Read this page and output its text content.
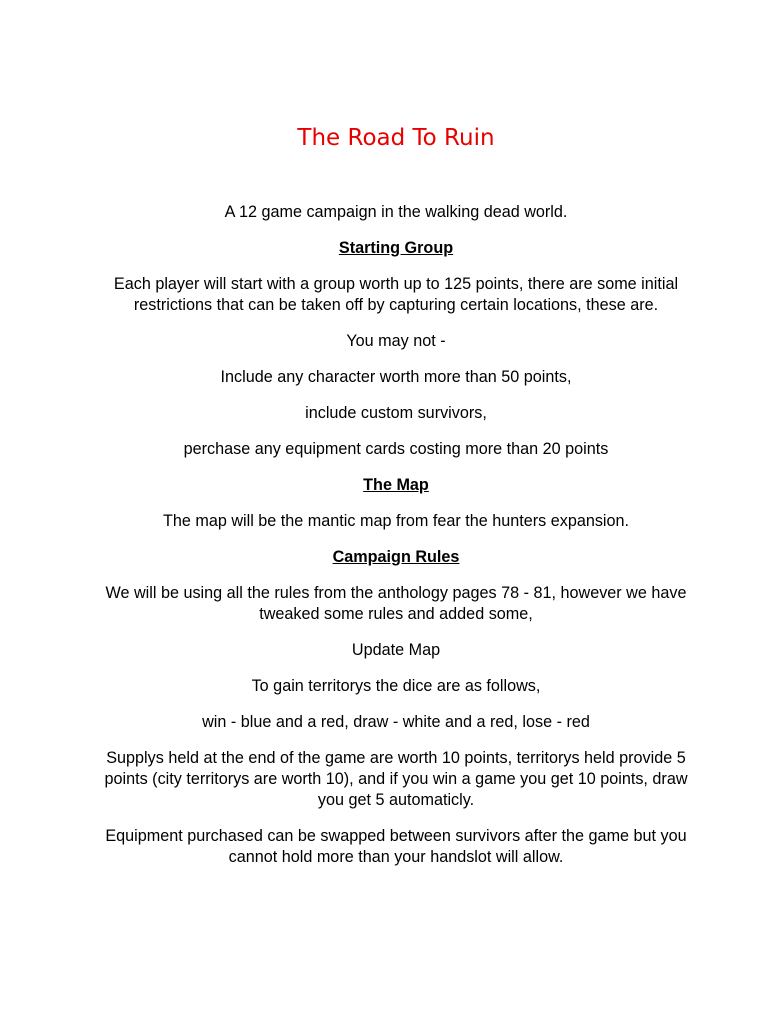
The Road To Ruin

A 12 game campaign in the walking dead world.

Starting Group

Each player will start with a group worth up to 125 points, there are some initial restrictions that can be taken off by capturing certain locations, these are.

You may not -

Include any character worth more than 50 points,

include custom survivors,

perchase any equipment cards costing more than 20 points

The Map

The map will be the mantic map from fear the hunters expansion.

Campaign Rules

We will be using all the rules from the anthology pages 78 - 81, however we have tweaked some rules and added some,

Update Map

To gain territorys the dice are as follows,

win - blue and a red, draw - white and a red, lose - red

Supplys held at the end of the game are worth 10 points, territorys held provide 5 points (city territorys are worth 10), and if you win a game you get 10 points, draw you get 5 automaticly.

Equipment purchased can be swapped between survivors after the game but you cannot hold more than your handslot will allow.
